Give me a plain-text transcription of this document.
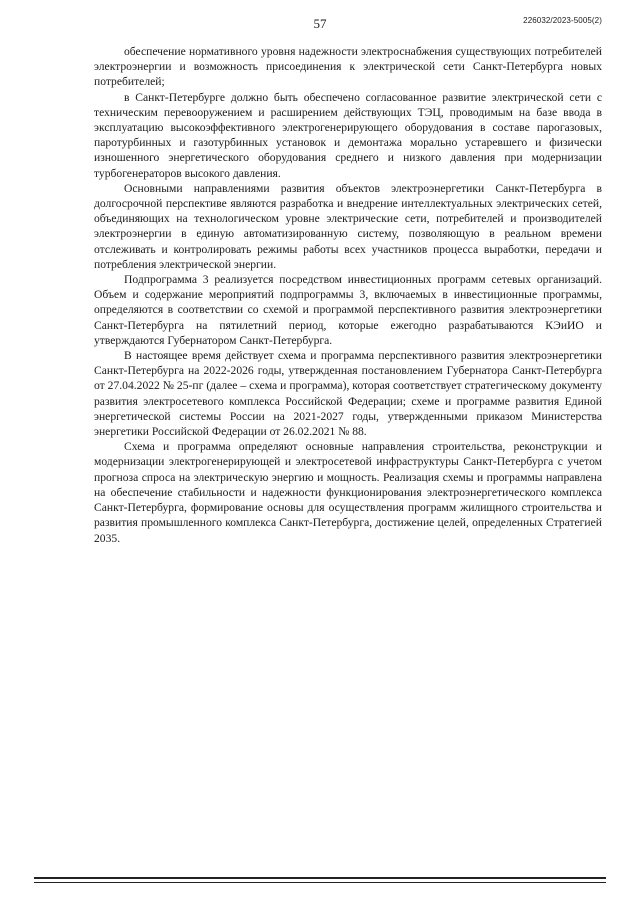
57	226032/2023-5005(2)

обеспечение нормативного уровня надежности электроснабжения существующих потребителей электроэнергии и возможность присоединения к электрической сети Санкт-Петербурга новых потребителей;

в Санкт-Петербурге должно быть обеспечено согласованное развитие электрической сети с техническим перевооружением и расширением действующих ТЭЦ, проводимым на базе ввода в эксплуатацию высокоэффективного электрогенерирующего оборудования в составе парогазовых, паротурбинных и газотурбинных установок и демонтажа морально устаревшего и физически изношенного энергетического оборудования среднего и низкого давления при модернизации турбогенераторов высокого давления.

Основными направлениями развития объектов электроэнергетики Санкт-Петербурга в долгосрочной перспективе являются разработка и внедрение интеллектуальных электрических сетей, объединяющих на технологическом уровне электрические сети, потребителей и производителей электроэнергии в единую автоматизированную систему, позволяющую в реальном времени отслеживать и контролировать режимы работы всех участников процесса выработки, передачи и потребления электрической энергии.

Подпрограмма 3 реализуется посредством инвестиционных программ сетевых организаций. Объем и содержание мероприятий подпрограммы 3, включаемых в инвестиционные программы, определяются в соответствии со схемой и программой перспективного развития электроэнергетики Санкт-Петербурга на пятилетний период, которые ежегодно разрабатываются КЭиИО и утверждаются Губернатором Санкт-Петербурга.

В настоящее время действует схема и программа перспективного развития электроэнергетики Санкт-Петербурга на 2022-2026 годы, утвержденная постановлением Губернатора Санкт-Петербурга от 27.04.2022 № 25-пг (далее – схема и программа), которая соответствует стратегическому документу развития электросетевого комплекса Российской Федерации; схеме и программе развития Единой энергетической системы России на 2021-2027 годы, утвержденными приказом Министерства энергетики Российской Федерации от 26.02.2021 № 88.

Схема и программа определяют основные направления строительства, реконструкции и модернизации электрогенерирующей и электросетевой инфраструктуры Санкт-Петербурга с учетом прогноза спроса на электрическую энергию и мощность. Реализация схемы и программы направлена на обеспечение стабильности и надежности функционирования электроэнергетического комплекса Санкт-Петербурга, формирование основы для осуществления программ жилищного строительства и развития промышленного комплекса Санкт-Петербурга, достижение целей, определенных Стратегией 2035.
